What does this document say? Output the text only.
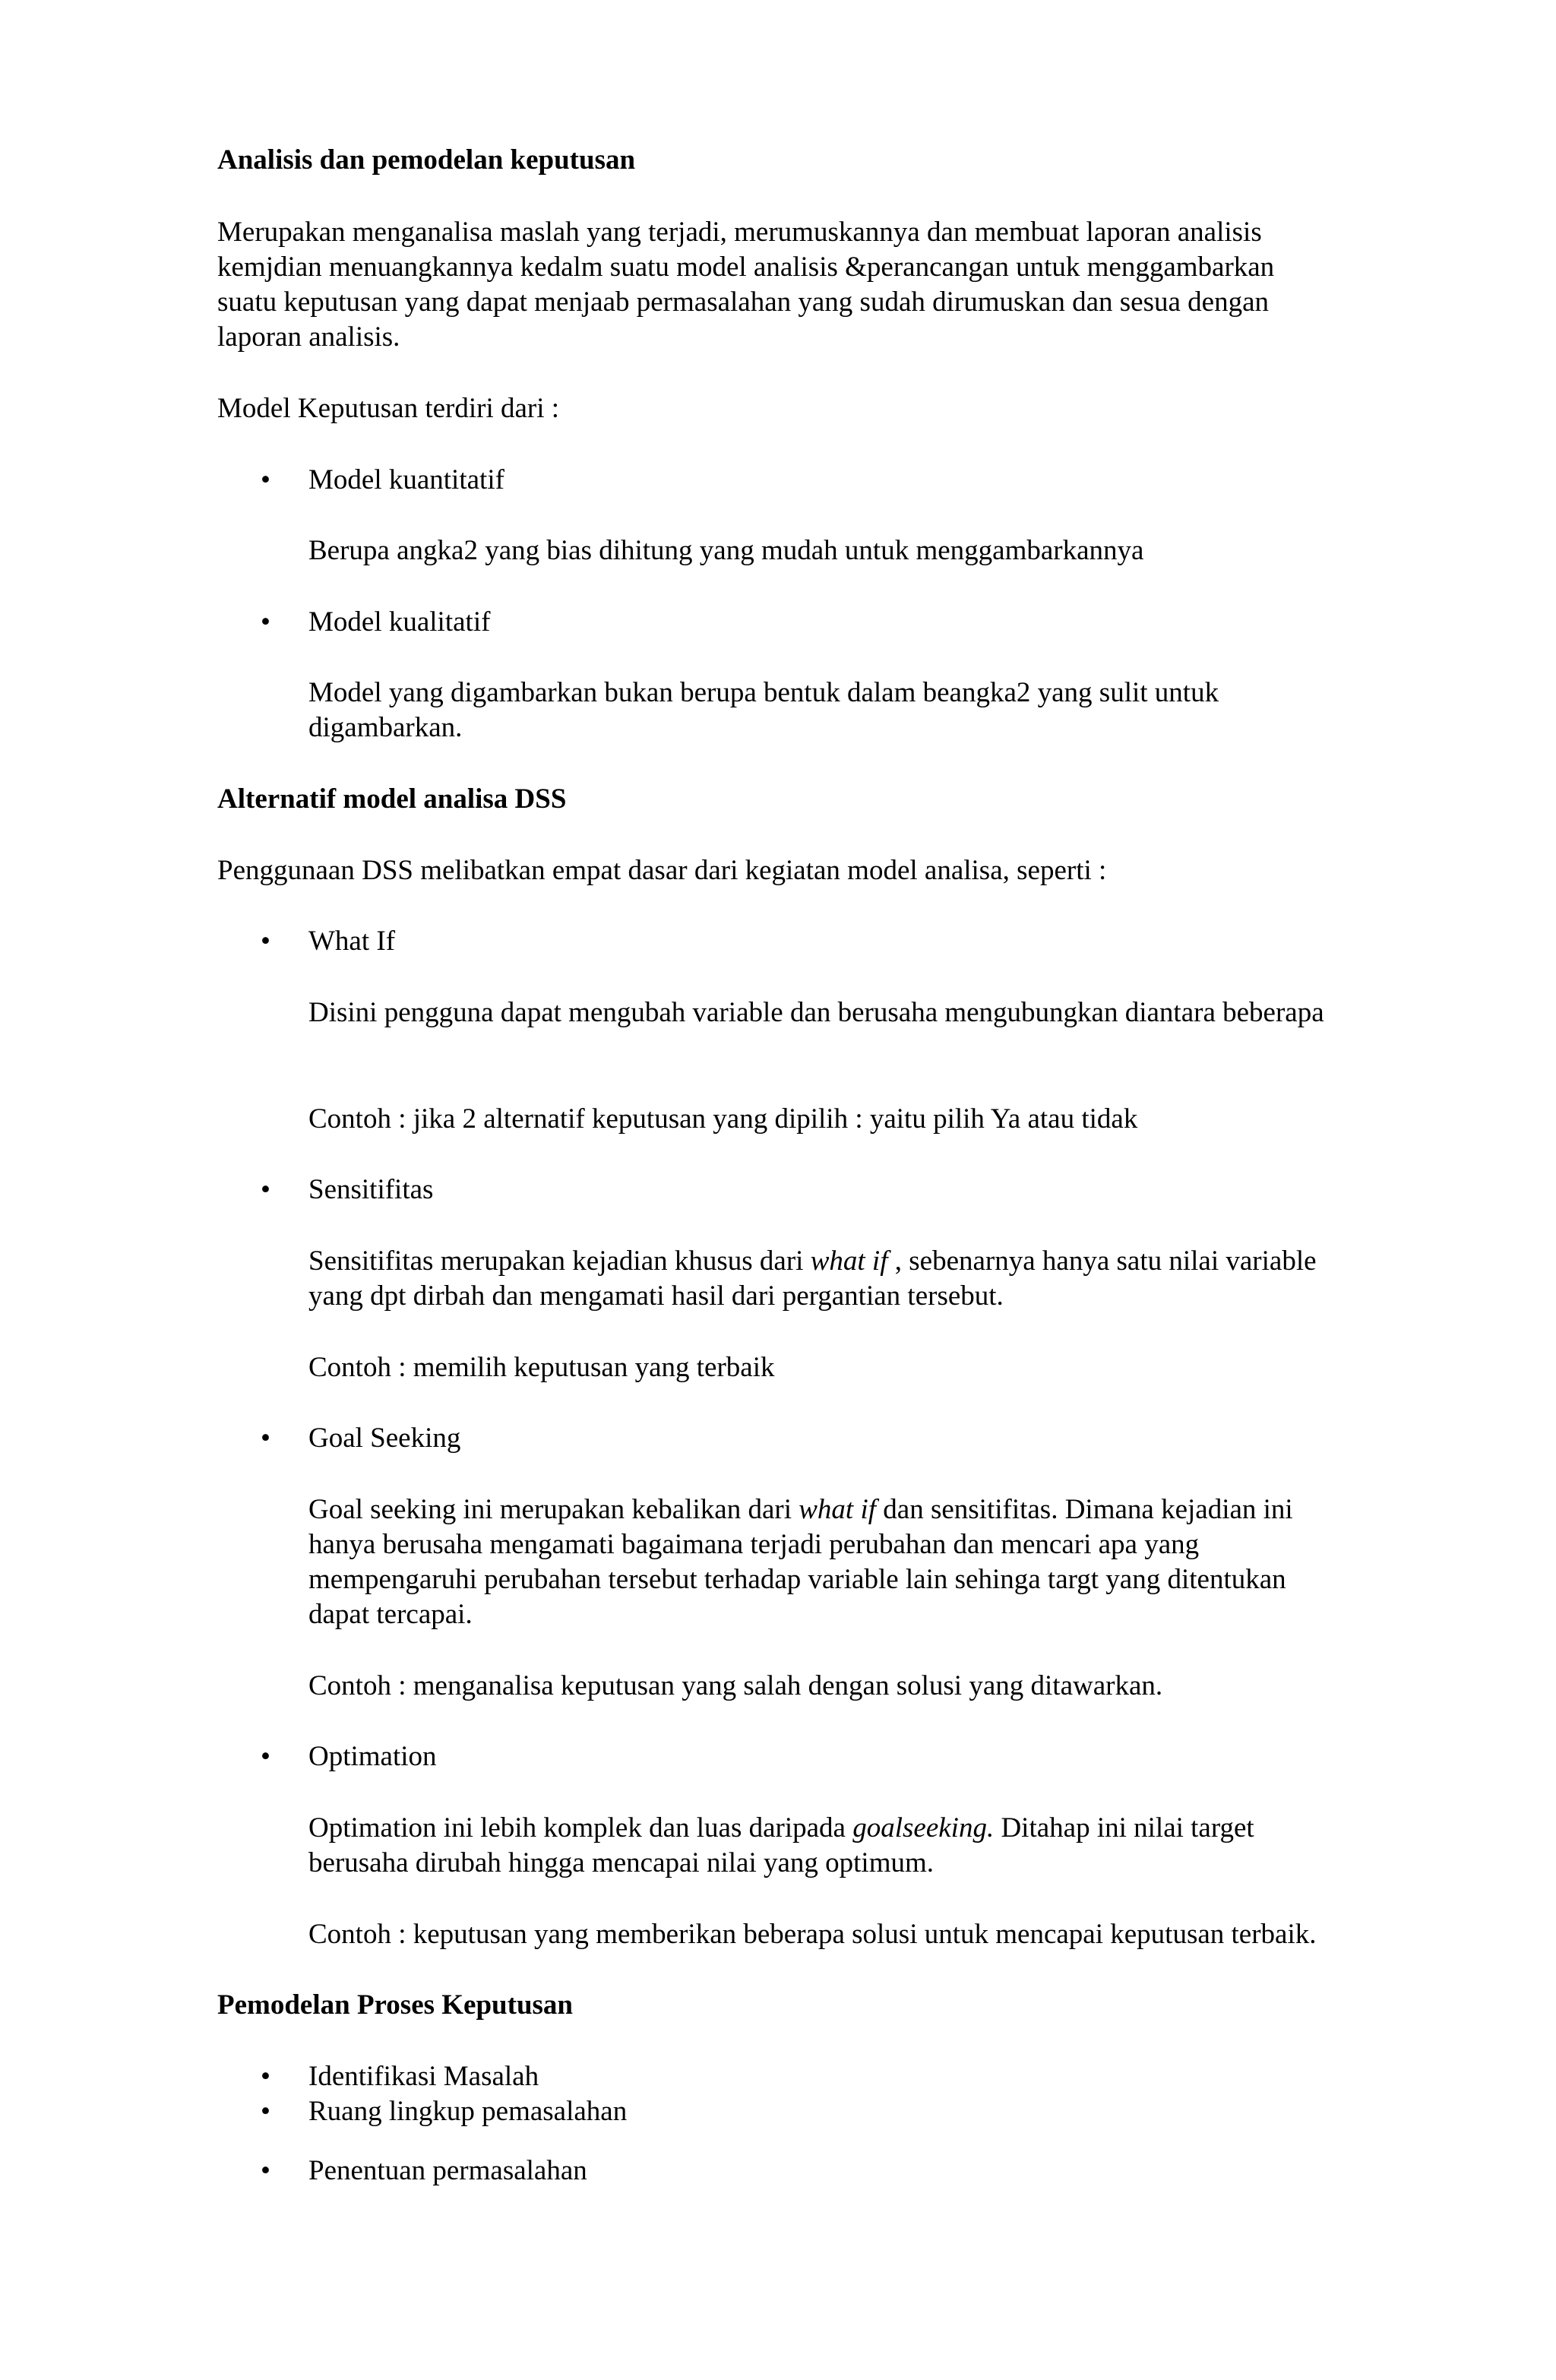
Analisis dan pemodelan keputusan

Merupakan menganalisa maslah yang terjadi, merumuskannya dan membuat laporan analisis

kemjdian menuangkannya kedalm suatu model analisis &perancangan untuk menggambarkan

suatu keputusan yang dapat menjaab permasalahan yang sudah dirumuskan dan sesua dengan

laporan analisis.

Model Keputusan terdiri dari :

• Model kuantitatif

Berupa angka2 yang bias dihitung yang mudah untuk menggambarkannya

• Model kualitatif

Model yang digambarkan bukan berupa bentuk dalam beangka2 yang sulit untuk

digambarkan.

Alternatif model analisa DSS

Penggunaan DSS melibatkan empat dasar dari kegiatan model analisa, seperti :

• What If

Disini pengguna dapat mengubah variable dan berusaha mengubungkan diantara beberapa

Contoh : jika 2 alternatif keputusan yang dipilih : yaitu pilih Ya atau tidak

• Sensitifitas

Sensitifitas merupakan kejadian khusus dari what if , sebenarnya hanya satu nilai variable

yang dpt dirbah dan mengamati hasil dari pergantian tersebut.

Contoh : memilih keputusan yang terbaik

• Goal Seeking

Goal seeking ini merupakan kebalikan dari what if dan sensitifitas. Dimana kejadian ini

hanya berusaha mengamati bagaimana terjadi perubahan dan mencari apa yang

mempengaruhi perubahan tersebut terhadap variable lain sehinga targt yang ditentukan

dapat tercapai.

Contoh : menganalisa keputusan yang salah dengan solusi yang ditawarkan.

• Optimation

Optimation ini lebih komplek dan luas daripada goalseeking. Ditahap ini nilai target

berusaha dirubah hingga mencapai nilai yang optimum.

Contoh : keputusan yang memberikan beberapa solusi untuk mencapai keputusan terbaik.

Pemodelan Proses Keputusan

• Identifikasi Masalah

• Ruang lingkup pemasalahan

• Penentuan permasalahan
